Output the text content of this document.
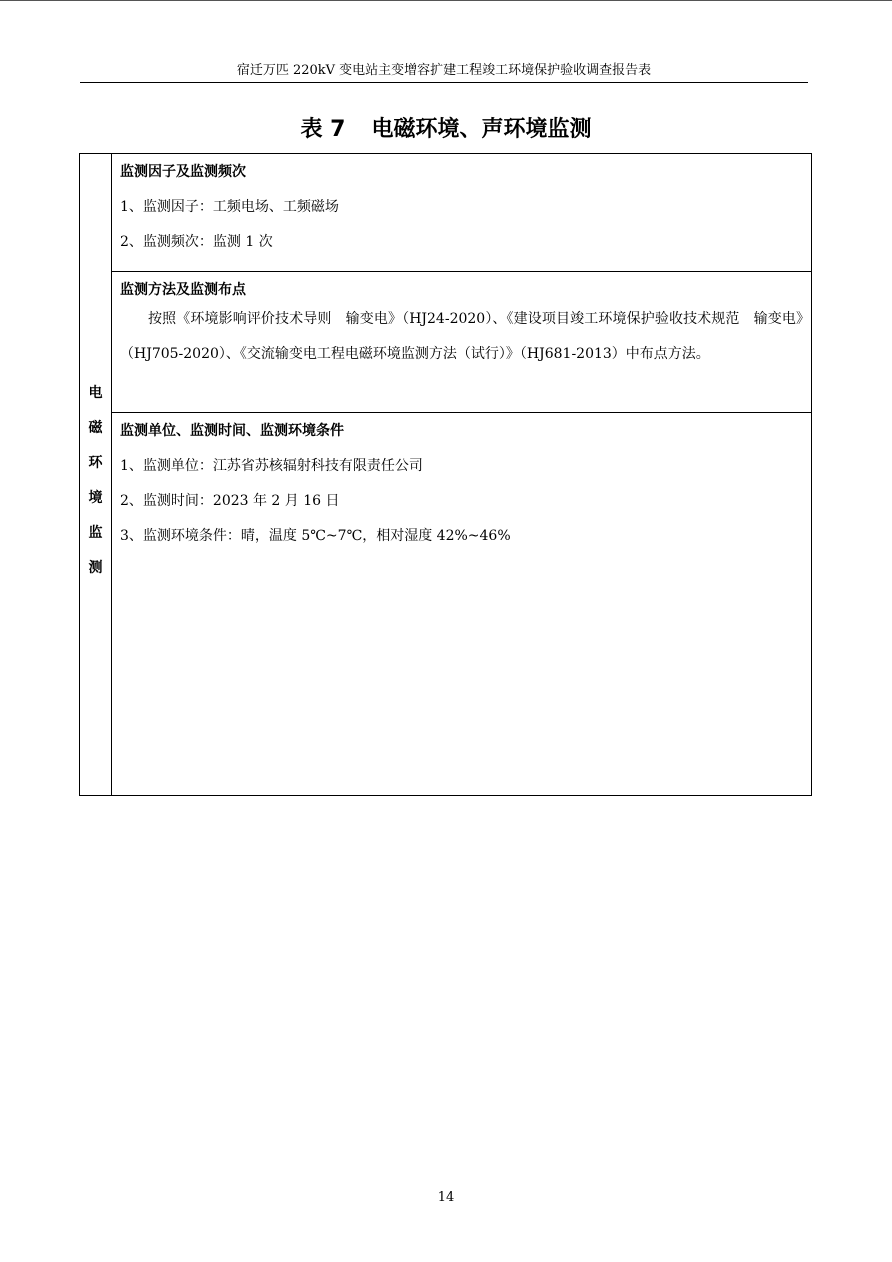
宿迁万匹 220kV 变电站主变增容扩建工程竣工环境保护验收调查报告表
表 7 电磁环境、声环境监测
电磁环境监测
监测因子及监测频次
1、监测因子：工频电场、工频磁场
2、监测频次：监测 1 次
监测方法及监测布点
按照《环境影响评价技术导则　输变电》（HJ24-2020）、《建设项目竣工环境保护验收技术规范　输变电》（HJ705-2020）、《交流输变电工程电磁环境监测方法（试行）》（HJ681-2013）中布点方法。
监测单位、监测时间、监测环境条件
1、监测单位：江苏省苏核辐射科技有限责任公司
2、监测时间：2023 年 2 月 16 日
3、监测环境条件：晴，温度 5℃~7℃，相对湿度 42%~46%
14
